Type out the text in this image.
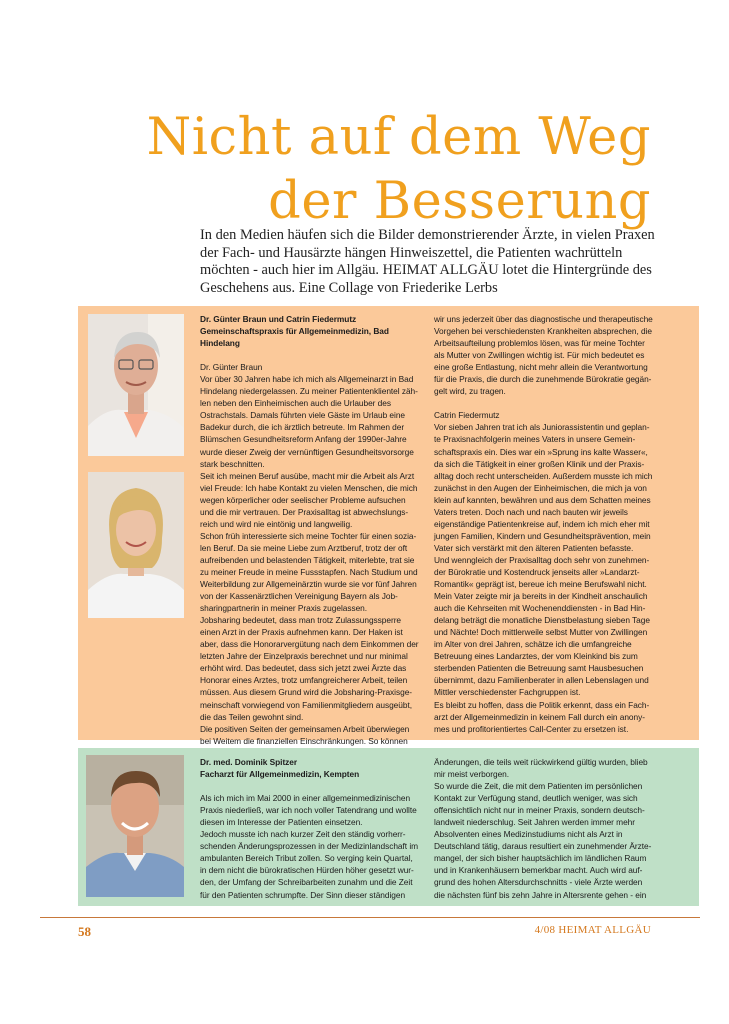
Nicht auf dem Weg
der Besserung

In den Medien häufen sich die Bilder demonstrierender Ärzte, in vielen Praxen der Fach- und Hausärzte hängen Hinweiszettel, die Patienten wachrütteln möchten - auch hier im Allgäu. HEIMAT ALLGÄU lotet die Hintergründe des Geschehens aus. Eine Collage von Friederike Lerbs

Dr. Günter Braun und Catrin Fiedermutz
Gemeinschaftspraxis für Allgemeinmedizin, Bad Hindelang

Dr. Günter Braun
Vor über 30 Jahren habe ich mich als Allgemeinarzt in Bad
Hindelang niedergelassen. Zu meiner Patientenklientel zäh-
len neben den Einheimischen auch die Urlauber des
Ostrachstals. Damals führten viele Gäste im Urlaub eine
Badekur durch, die ich ärztlich betreute. Im Rahmen der
Blümschen Gesundheitsreform Anfang der 1990er-Jahre
wurde dieser Zweig der vernünftigen Gesundheitsvorsorge
stark beschnitten.
Seit ich meinen Beruf ausübe, macht mir die Arbeit als Arzt
viel Freude: Ich habe Kontakt zu vielen Menschen, die mich
wegen körperlicher oder seelischer Probleme aufsuchen
und die mir vertrauen. Der Praxisalltag ist abwechslungs-
reich und wird nie eintönig und langweilig.
Schon früh interessierte sich meine Tochter für einen sozia-
len Beruf. Da sie meine Liebe zum Arztberuf, trotz der oft
aufreibenden und belastenden Tätigkeit, miterlebte, trat sie
zu meiner Freude in meine Fussstapfen. Nach Studium und
Weiterbildung zur Allgemeinärztin wurde sie vor fünf Jahren
von der Kassenärztlichen Vereinigung Bayern als Job-
sharingpartnerin in meiner Praxis zugelassen.
Jobsharing bedeutet, dass man trotz Zulassungssperre
einen Arzt in der Praxis aufnehmen kann. Der Haken ist
aber, dass die Honorarvergütung nach dem Einkommen der
letzten Jahre der Einzelpraxis berechnet und nur minimal
erhöht wird. Das bedeutet, dass sich jetzt zwei Ärzte das
Honorar eines Arztes, trotz umfangreicherer Arbeit, teilen
müssen. Aus diesem Grund wird die Jobsharing-Praxisge-
meinschaft vorwiegend von Familienmitgliedern ausgeübt,
die das Teilen gewohnt sind.
Die positiven Seiten der gemeinsamen Arbeit überwiegen
bei Weitem die finanziellen Einschränkungen. So können
wir uns jederzeit über das diagnostische und therapeutische
Vorgehen bei verschiedensten Krankheiten absprechen, die
Arbeitsaufteilung problemlos lösen, was für meine Tochter
als Mutter von Zwillingen wichtig ist. Für mich bedeutet es
eine große Entlastung, nicht mehr allein die Verantwortung
für die Praxis, die durch die zunehmende Bürokratie gegän-
gelt wird, zu tragen.

Catrin Fiedermutz
Vor sieben Jahren trat ich als Juniorassistentin und geplan-
te Praxisnachfolgerin meines Vaters in unsere Gemein-
schaftspraxis ein. Dies war ein »Sprung ins kalte Wasser«,
da sich die Tätigkeit in einer großen Klinik und der Praxis-
alltag doch recht unterscheiden. Außerdem musste ich mich
zunächst in den Augen der Einheimischen, die mich ja von
klein auf kannten, bewähren und aus dem Schatten meines
Vaters treten. Doch nach und nach bauten wir jeweils
eigenständige Patientenkreise auf, indem ich mich eher mit
jungen Familien, Kindern und Gesundheitsprävention, mein
Vater sich verstärkt mit den älteren Patienten befasste.
Und wenngleich der Praxisalltag doch sehr von zunehmen-
der Bürokratie und Kostendruck jenseits aller »Landarzt-
Romantik« geprägt ist, bereue ich meine Berufswahl nicht.
Mein Vater zeigte mir ja bereits in der Kindheit anschaulich
auch die Kehrseiten mit Wochenenddiensten - in Bad Hin-
delang beträgt die monatliche Dienstbelastung sieben Tage
und Nächte! Doch mittlerweile selbst Mutter von Zwillingen
im Alter von drei Jahren, schätze ich die umfangreiche
Betreuung eines Landarztes, der vom Kleinkind bis zum
sterbenden Patienten die Betreuung samt Hausbesuchen
übernimmt, dazu Familienberater in allen Lebenslagen und
Mittler verschiedenster Fachgruppen ist.
Es bleibt zu hoffen, dass die Politik erkennt, dass ein Fach-
arzt der Allgemeinmedizin in keinem Fall durch ein anony-
mes und profitorientiertes Call-Center zu ersetzen ist.
Dr. med. Dominik Spitzer
Facharzt für Allgemeinmedizin, Kempten

Als ich mich im Mai 2000 in einer allgemeinmedizinischen
Praxis niederließ, war ich noch voller Tatendrang und wollte
diesen im Interesse der Patienten einsetzen.
Jedoch musste ich nach kurzer Zeit den ständig vorherr-
schenden Änderungsprozessen in der Medizinlandschaft im
ambulanten Bereich Tribut zollen. So verging kein Quartal,
in dem nicht die bürokratischen Hürden höher gesetzt wur-
den, der Umfang der Schreibarbeiten zunahm und die Zeit
für den Patienten schrumpfte. Der Sinn dieser ständigen
Änderungen, die teils weit rückwirkend gültig wurden, blieb
mir meist verborgen.
So wurde die Zeit, die mit dem Patienten im persönlichen
Kontakt zur Verfügung stand, deutlich weniger, was sich
offensichtlich nicht nur in meiner Praxis, sondern deutsch-
landweit niederschlug. Seit Jahren werden immer mehr
Absolventen eines Medizinstudiums nicht als Arzt in
Deutschland tätig, daraus resultiert ein zunehmender Ärzte-
mangel, der sich bisher hauptsächlich im ländlichen Raum
und in Krankenhäusern bemerkbar macht. Auch wird auf-
grund des hohen Altersdurchschnitts - viele Ärzte werden
die nächsten fünf bis zehn Jahre in Altersrente gehen - ein
58	4/08 HEIMAT ALLGÄU
